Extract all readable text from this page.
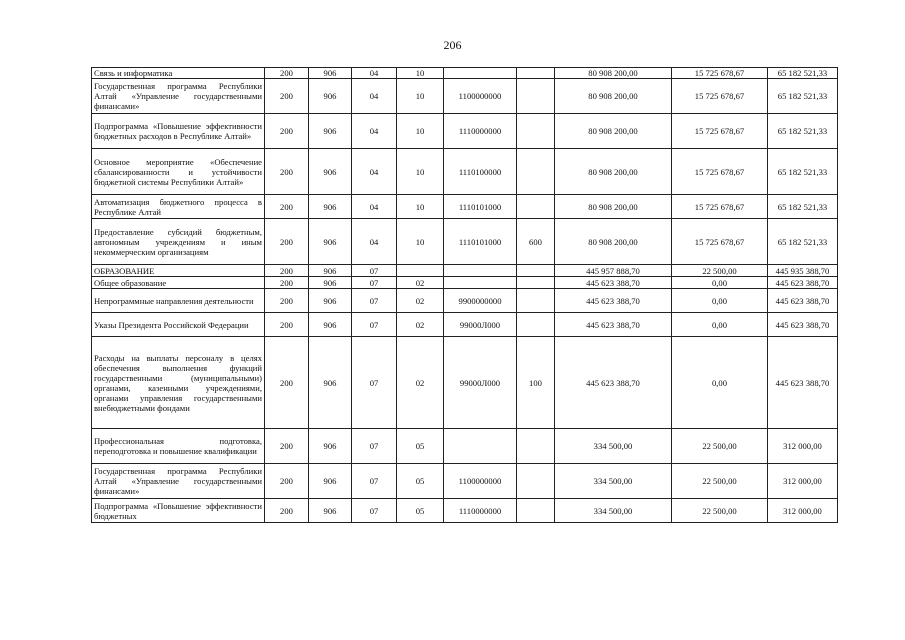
206
Связь и информатика	200	906	04	10			80 908 200,00	15 725 678,67	65 182 521,33
Государственная программа Республики Алтай «Управление государственными финансами»	200	906	04	10	1100000000		80 908 200,00	15 725 678,67	65 182 521,33
Подпрограмма «Повышение эффективности бюджетных расходов в Республике Алтай»	200	906	04	10	1110000000		80 908 200,00	15 725 678,67	65 182 521,33
Основное мероприятие «Обеспечение сбалансированности и устойчивости бюджетной системы Республики Алтай»	200	906	04	10	1110100000		80 908 200,00	15 725 678,67	65 182 521,33
Автоматизация бюджетного процесса в Республике Алтай	200	906	04	10	1110101000		80 908 200,00	15 725 678,67	65 182 521,33
Предоставление субсидий бюджетным, автономным учреждениям и иным некоммерческим организациям	200	906	04	10	1110101000	600	80 908 200,00	15 725 678,67	65 182 521,33
ОБРАЗОВАНИЕ	200	906	07				445 957 888,70	22 500,00	445 935 388,70
Общее образование	200	906	07	02			445 623 388,70	0,00	445 623 388,70
Непрограммные направления деятельности	200	906	07	02	9900000000		445 623 388,70	0,00	445 623 388,70
Указы Президента Российской Федерации	200	906	07	02	99000Л000		445 623 388,70	0,00	445 623 388,70
Расходы на выплаты персоналу в целях обеспечения выполнения функций государственными (муниципальными) органами, казенными учреждениями, органами управления государственными внебюджетными фондами	200	906	07	02	99000Л000	100	445 623 388,70	0,00	445 623 388,70
Профессиональная подготовка, переподготовка и повышение квалификации	200	906	07	05			334 500,00	22 500,00	312 000,00
Государственная программа Республики Алтай «Управление государственными финансами»	200	906	07	05	1100000000		334 500,00	22 500,00	312 000,00
Подпрограмма «Повышение эффективности бюджетных	200	906	07	05	1110000000		334 500,00	22 500,00	312 000,00
